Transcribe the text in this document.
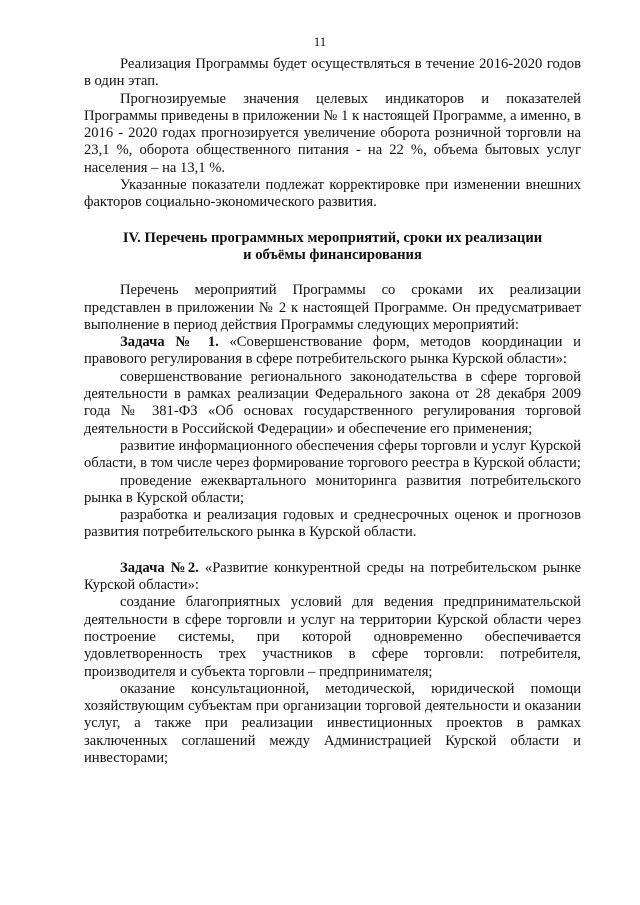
11

Реализация Программы будет осуществляться в течение 2016-2020 годов в один этап.

Прогнозируемые значения целевых индикаторов и показателей Программы приведены в приложении № 1 к настоящей Программе, а именно, в 2016 - 2020 годах прогнозируется увеличение оборота розничной торговли на 23,1 %, оборота общественного питания - на 22 %, объема бытовых услуг населения – на 13,1 %.

Указанные показатели подлежат корректировке при изменении внешних факторов социально-экономического развития.

IV. Перечень программных мероприятий, сроки их реализации
и объёмы финансирования

Перечень мероприятий Программы со сроками их реализации представлен в приложении № 2 к настоящей Программе. Он предусматривает выполнение в период действия Программы следующих мероприятий:

Задача № 1. «Совершенствование форм, методов координации и правового регулирования в сфере потребительского рынка Курской области»:

совершенствование регионального законодательства в сфере торговой деятельности в рамках реализации Федерального закона от 28 декабря 2009 года № 381-ФЗ «Об основах государственного регулирования торговой деятельности в Российской Федерации» и обеспечение его применения;

развитие информационного обеспечения сферы торговли и услуг Курской области, в том числе через формирование торгового реестра в Курской области;

проведение ежеквартального мониторинга развития потребительского рынка в Курской области;

разработка и реализация годовых и среднесрочных оценок и прогнозов развития потребительского рынка в Курской области.

Задача №2. «Развитие конкурентной среды на потребительском рынке Курской области»:

создание благоприятных условий для ведения предпринимательской деятельности в сфере торговли и услуг на территории Курской области через построение системы, при которой одновременно обеспечивается удовлетворенность трех участников в сфере торговли: потребителя, производителя и субъекта торговли – предпринимателя;

оказание консультационной, методической, юридической помощи хозяйствующим субъектам при организации торговой деятельности и оказании услуг, а также при реализации инвестиционных проектов в рамках заключенных соглашений между Администрацией Курской области и инвесторами;
